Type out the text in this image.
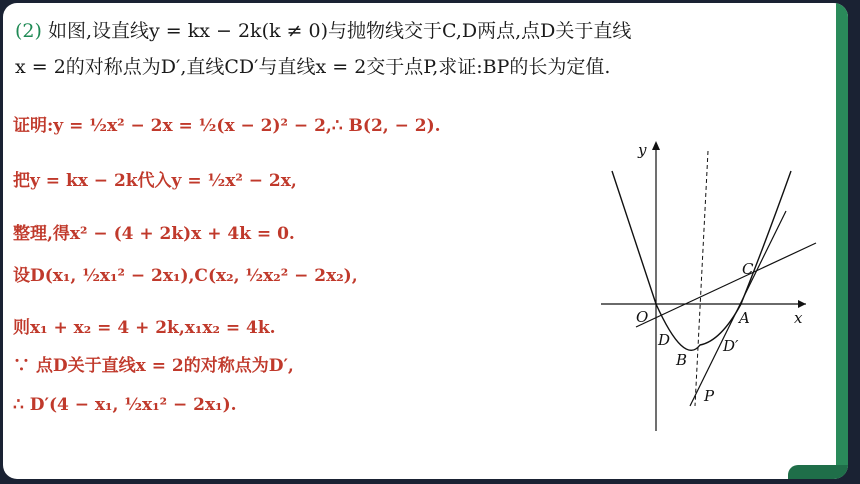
(2) 如图,设直线y = kx − 2k(k ≠ 0)与抛物线交于C,D两点,点D关于直线
x = 2的对称点为D′,直线CD′与直线x = 2交于点P,求证:BP的长为定值.
证明:y = ½x² − 2x = ½(x − 2)² − 2,∴ B(2, − 2).
把y = kx − 2k代入y = ½x² − 2x,
整理,得x² − (4 + 2k)x + 4k = 0.
设D(x₁, ½x₁² − 2x₁),C(x₂, ½x₂² − 2x₂),
则x₁ + x₂ = 4 + 2k,x₁x₂ = 4k.
∵ 点D关于直线x = 2的对称点为D′,
∴ D′(4 − x₁, ½x₁² − 2x₁).
y
x
O	A
B
C
D	D′
P
